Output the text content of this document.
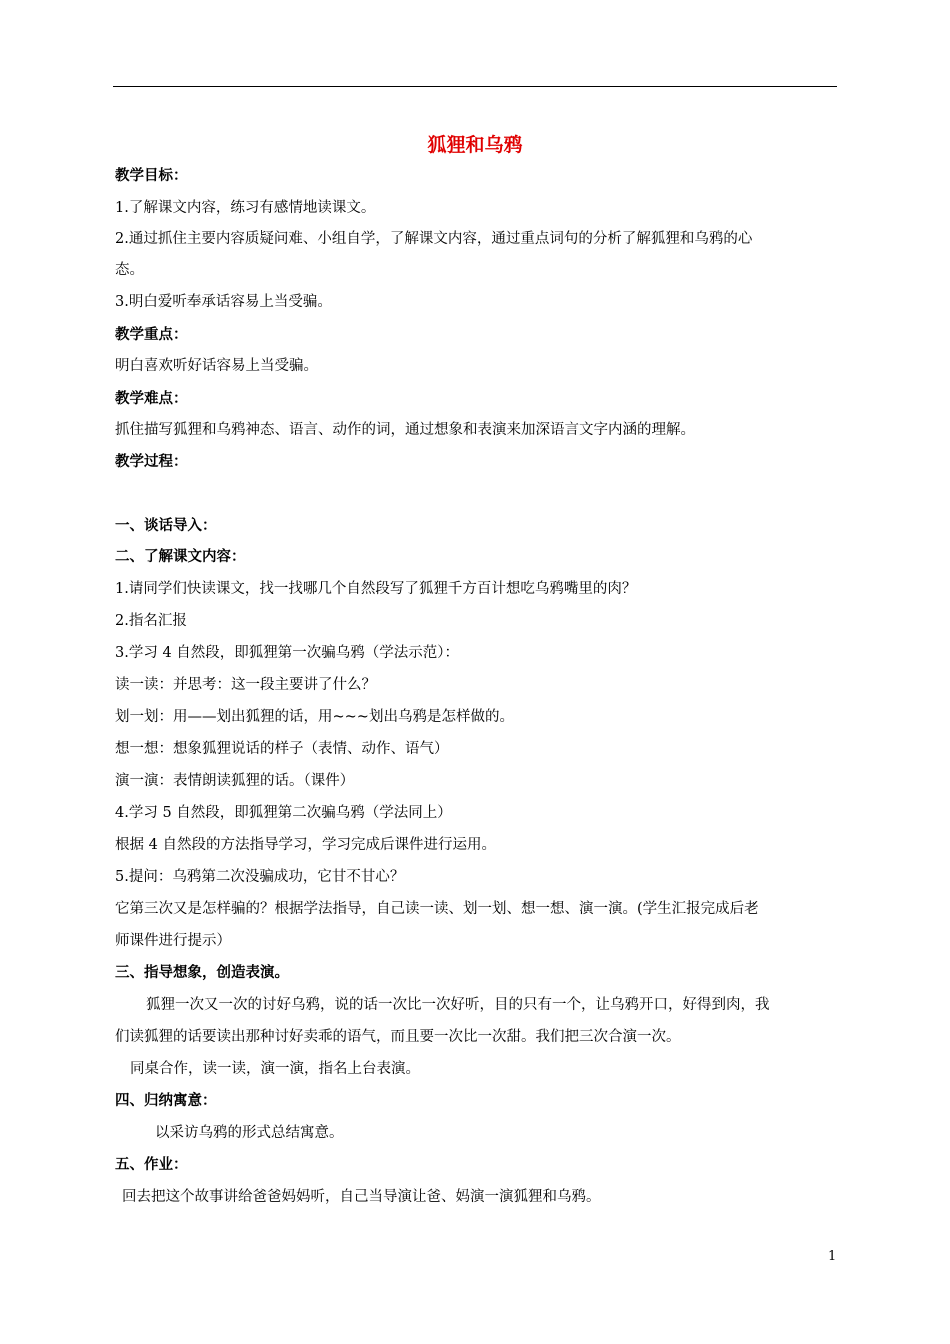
狐狸和乌鸦
教学目标：
1.了解课文内容，练习有感情地读课文。
2.通过抓住主要内容质疑问难、小组自学，了解课文内容，通过重点词句的分析了解狐狸和乌鸦的心
态。
3.明白爱听奉承话容易上当受骗。
教学重点：
明白喜欢听好话容易上当受骗。
教学难点：
抓住描写狐狸和乌鸦神态、语言、动作的词，通过想象和表演来加深语言文字内涵的理解。
教学过程：
一、谈话导入：
二、了解课文内容：
1.请同学们快读课文，找一找哪几个自然段写了狐狸千方百计想吃乌鸦嘴里的肉？
2.指名汇报
3.学习 4 自然段，即狐狸第一次骗乌鸦（学法示范）：
读一读：并思考：这一段主要讲了什么？
划一划：用——划出狐狸的话，用~~~划出乌鸦是怎样做的。
想一想：想象狐狸说话的样子（表情、动作、语气）
演一演：表情朗读狐狸的话。（课件）
4.学习 5 自然段，即狐狸第二次骗乌鸦（学法同上）
根据 4 自然段的方法指导学习，学习完成后课件进行运用。
5.提问：乌鸦第二次没骗成功，它甘不甘心？
它第三次又是怎样骗的？根据学法指导，自己读一读、划一划、想一想、演一演。(学生汇报完成后老
师课件进行提示）
三、指导想象，创造表演。
狐狸一次又一次的讨好乌鸦，说的话一次比一次好听，目的只有一个，让乌鸦开口，好得到肉，我
们读狐狸的话要读出那种讨好卖乖的语气，而且要一次比一次甜。我们把三次合演一次。
同桌合作，读一读，演一演，指名上台表演。
四、归纳寓意：
以采访乌鸦的形式总结寓意。
五、作业：
回去把这个故事讲给爸爸妈妈听，自己当导演让爸、妈演一演狐狸和乌鸦。
1
